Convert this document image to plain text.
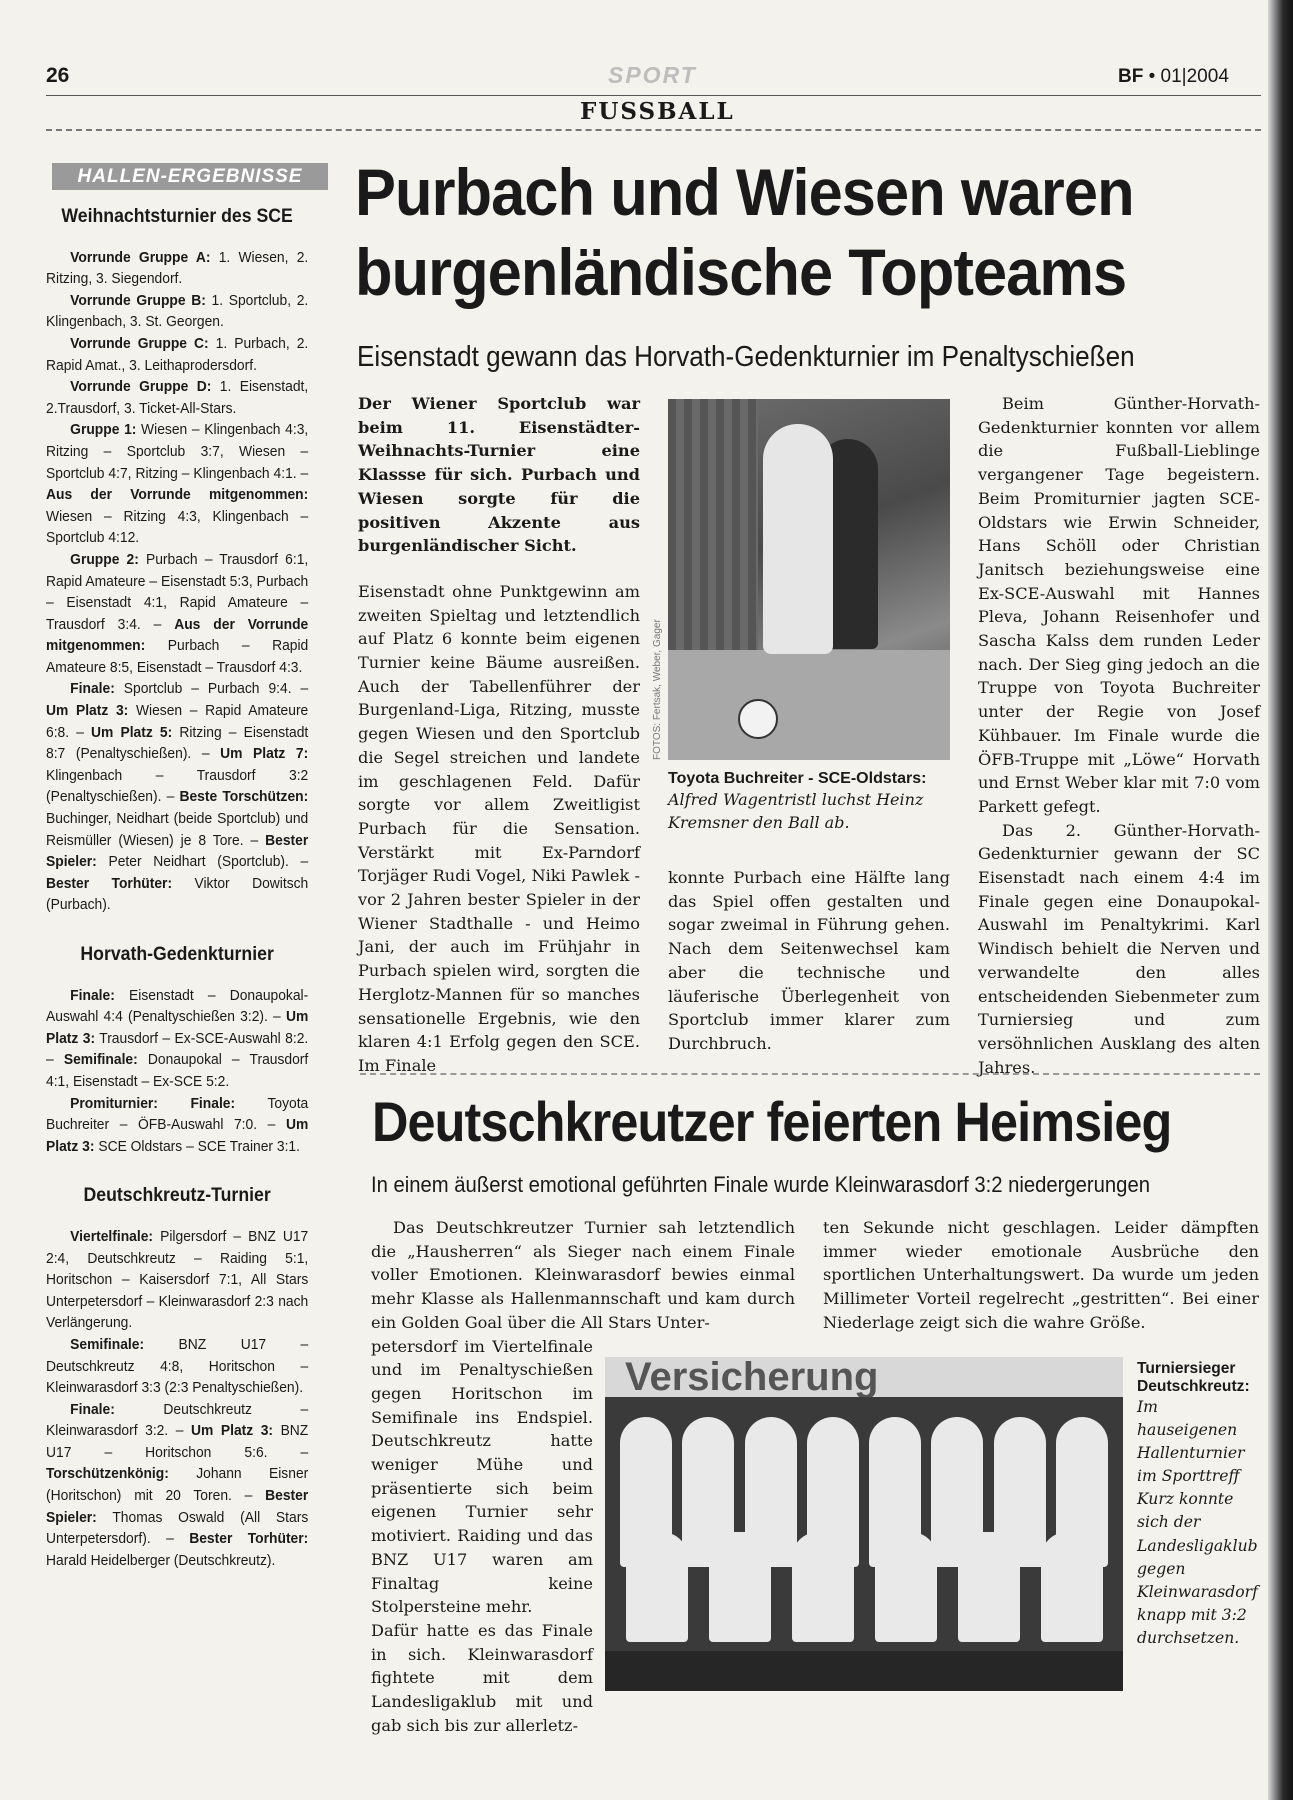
26	SPORT	BF • 01|2004
FUSSBALL
HALLEN-ERGEBNISSE

Weihnachtsturnier des SCE

Vorrunde Gruppe A: 1. Wiesen, 2. Ritzing, 3. Siegendorf.

Vorrunde Gruppe B: 1. Sportclub, 2. Klingenbach, 3. St. Georgen.

Vorrunde Gruppe C: 1. Purbach, 2. Rapid Amat., 3. Leithaprodersdorf.

Vorrunde Gruppe D: 1. Eisenstadt, 2.Trausdorf, 3. Ticket-All-Stars.

Gruppe 1: Wiesen – Klingenbach 4:3, Ritzing – Sportclub 3:7, Wiesen – Sportclub 4:7, Ritzing – Klingenbach 4:1. – Aus der Vorrunde mitgenommen: Wiesen – Ritzing 4:3, Klingenbach – Sportclub 4:12.

Gruppe 2: Purbach – Trausdorf 6:1, Rapid Amateure – Eisenstadt 5:3, Purbach – Eisenstadt 4:1, Rapid Amateure – Trausdorf 3:4. – Aus der Vorrunde mitgenommen: Purbach – Rapid Amateure 8:5, Eisenstadt – Trausdorf 4:3.

Finale: Sportclub – Purbach 9:4. – Um Platz 3: Wiesen – Rapid Amateure 6:8. – Um Platz 5: Ritzing – Eisenstadt 8:7 (Penaltyschießen). – Um Platz 7: Klingenbach – Trausdorf 3:2 (Penaltyschießen). – Beste Torschützen: Buchinger, Neidhart (beide Sportclub) und Reismüller (Wiesen) je 8 Tore. – Bester Spieler: Peter Neidhart (Sportclub). – Bester Torhüter: Viktor Dowitsch (Purbach).

Horvath-Gedenkturnier

Finale: Eisenstadt – Donaupokal-Auswahl 4:4 (Penaltyschießen 3:2). – Um Platz 3: Trausdorf – Ex-SCE-Auswahl 8:2. – Semifinale: Donaupokal – Trausdorf 4:1, Eisenstadt – Ex-SCE 5:2.

Promiturnier: Finale: Toyota Buchreiter – ÖFB-Auswahl 7:0. – Um Platz 3: SCE Oldstars – SCE Trainer 3:1.

Deutschkreutz-Turnier

Viertelfinale: Pilgersdorf – BNZ U17 2:4, Deutschkreutz – Raiding 5:1, Horitschon – Kaisersdorf 7:1, All Stars Unterpetersdorf – Kleinwarasdorf 2:3 nach Verlängerung.

Semifinale: BNZ U17 – Deutschkreutz 4:8, Horitschon – Kleinwarasdorf 3:3 (2:3 Penaltyschießen).

Finale: Deutschkreutz – Kleinwarasdorf 3:2. – Um Platz 3: BNZ U17 – Horitschon 5:6. – Torschützenkönig: Johann Eisner (Horitschon) mit 20 Toren. – Bester Spieler: Thomas Oswald (All Stars Unterpetersdorf). – Bester Torhüter: Harald Heidelberger (Deutschkreutz).

Purbach und Wiesen waren
burgenländische Topteams
Eisenstadt gewann das Horvath-Gedenkturnier im Penaltyschießen

Der Wiener Sportclub war beim 11. Eisenstädter-Weihnachts-Turnier eine Klassse für sich. Purbach und Wiesen sorgte für die positiven Akzente aus burgenländischer Sicht.

Eisenstadt ohne Punktgewinn am zweiten Spieltag und letztendlich auf Platz 6 konnte beim eigenen Turnier keine Bäume ausreißen. Auch der Tabellenführer der Burgenland-Liga, Ritzing, musste gegen Wiesen und den Sportclub die Segel streichen und landete im geschlagenen Feld. Dafür sorgte vor allem Zweitligist Purbach für die Sensation. Verstärkt mit Ex-Parndorf Torjäger Rudi Vogel, Niki Pawlek - vor 2 Jahren bester Spieler in der Wiener Stadthalle - und Heimo Jani, der auch im Frühjahr in Purbach spielen wird, sorgten die Herglotz-Mannen für so manches sensationelle Ergebnis, wie den klaren 4:1 Erfolg gegen den SCE. Im Finale

FOTOS: Fertsak, Weber, Gager
Toyota Buchreiter - SCE-Oldstars:
Alfred Wagentristl luchst Heinz Kremsner den Ball ab.

konnte Purbach eine Hälfte lang das Spiel offen gestalten und sogar zweimal in Führung gehen. Nach dem Seitenwechsel kam aber die technische und läuferische Überlegenheit von Sportclub immer klarer zum Durchbruch.

Beim Günther-Horvath-Gedenkturnier konnten vor allem die Fußball-Lieblinge vergangener Tage begeistern. Beim Promiturnier jagten SCE-Oldstars wie Erwin Schneider, Hans Schöll oder Christian Janitsch beziehungsweise eine Ex-SCE-Auswahl mit Hannes Pleva, Johann Reisenhofer und Sascha Kalss dem runden Leder nach. Der Sieg ging jedoch an die Truppe von Toyota Buchreiter unter der Regie von Josef Kühbauer. Im Finale wurde die ÖFB-Truppe mit „Löwe“ Horvath und Ernst Weber klar mit 7:0 vom Parkett gefegt.

Das 2. Günther-Horvath-Gedenkturnier gewann der SC Eisenstadt nach einem 4:4 im Finale gegen eine Donaupokal-Auswahl im Penaltykrimi. Karl Windisch behielt die Nerven und verwandelte den alles entscheidenden Siebenmeter zum Turniersieg und zum versöhnlichen Ausklang des alten Jahres.

Deutschkreutzer feierten Heimsieg
In einem äußerst emotional geführten Finale wurde Kleinwarasdorf 3:2 niedergerungen

Das Deutschkreutzer Turnier sah letztendlich die „Hausherren“ als Sieger nach einem Finale voller Emotionen. Kleinwarasdorf bewies einmal mehr Klasse als Hallenmannschaft und kam durch ein Golden Goal über die All Stars Unter-

petersdorf im Viertelfinale und im Penaltyschießen gegen Horitschon im Semifinale ins Endspiel. Deutschkreutz hatte weniger Mühe und präsentierte sich beim eigenen Turnier sehr motiviert. Raiding und das BNZ U17 waren am Finaltag keine Stolpersteine mehr.

Dafür hatte es das Finale in sich. Kleinwarasdorf fightete mit dem Landesligaklub mit und gab sich bis zur allerletz-

ten Sekunde nicht geschlagen. Leider dämpften immer wieder emotionale Ausbrüche den sportlichen Unterhaltungswert. Da wurde um jeden Millimeter Vorteil regelrecht „gestritten“. Bei einer Niederlage zeigt sich die wahre Größe.

Versicherung	Turniersieger Deutschkreutz:
Im hauseigenen Hallenturnier im Sporttreff Kurz konnte sich der Landesligaklub gegen Kleinwarasdorf knapp mit 3:2 durchsetzen.
